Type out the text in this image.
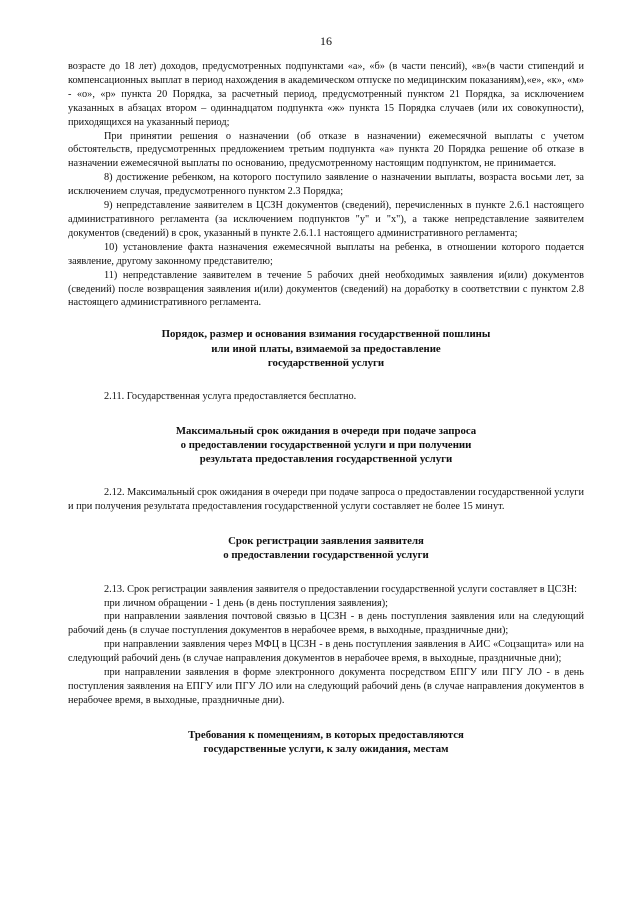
16

возрасте до 18 лет) доходов, предусмотренных подпунктами «а», «б» (в части пенсий), «в»(в части стипендий и компенсационных выплат в период нахождения в академическом отпуске по медицинским показаниям),«е», «к», «м» - «о», «р» пункта 20 Порядка, за расчетный период, предусмотренный пунктом 21 Порядка, за исключением указанных в абзацах втором – одиннадцатом подпункта «ж» пункта 15 Порядка случаев (или их совокупности), приходящихся на указанный период;

При принятии решения о назначении (об отказе в назначении) ежемесячной выплаты с учетом обстоятельств, предусмотренных предложением третьим подпункта «а» пункта 20 Порядка решение об отказе в назначении ежемесячной выплаты по основанию, предусмотренному настоящим подпунктом, не принимается.

8) достижение ребенком, на которого поступило заявление о назначении выплаты, возраста восьми лет, за исключением случая, предусмотренного пунктом 2.3 Порядка;

9) непредставление заявителем в ЦСЗН документов (сведений), перечисленных в пункте 2.6.1 настоящего административного регламента (за исключением подпунктов "у" и "х"), а также непредставление заявителем документов (сведений) в срок, указанный в пункте 2.6.1.1 настоящего административного регламента;

10) установление факта назначения ежемесячной выплаты на ребенка, в отношении которого подается заявление, другому законному представителю;

11) непредставление заявителем в течение 5 рабочих дней необходимых заявления и(или) документов (сведений) после возвращения заявления и(или) документов (сведений) на доработку в соответствии с пунктом 2.8 настоящего административного регламента.

Порядок, размер и основания взимания государственной пошлины
или иной платы, взимаемой за предоставление
государственной услуги

2.11. Государственная услуга предоставляется бесплатно.

Максимальный срок ожидания в очереди при подаче запроса
о предоставлении государственной услуги и при получении
результата предоставления государственной услуги

2.12. Максимальный срок ожидания в очереди при подаче запроса о предоставлении государственной услуги и при получения результата предоставления государственной услуги составляет не более 15 минут.

Срок регистрации заявления заявителя
о предоставлении государственной услуги

2.13. Срок регистрации заявления заявителя о предоставлении государственной услуги составляет в ЦСЗН:

при личном обращении - 1 день (в день поступления заявления);

при направлении заявления почтовой связью в ЦСЗН - в день поступления заявления или на следующий рабочий день (в случае поступления документов в нерабочее время, в выходные, праздничные дни);

при направлении заявления через МФЦ в ЦСЗН - в день поступления заявления в АИС «Соцзащита» или на следующий рабочий день (в случае направления документов в нерабочее время, в выходные, праздничные дни);

при направлении заявления в форме электронного документа посредством ЕПГУ или ПГУ ЛО - в день поступления заявления на ЕПГУ или ПГУ ЛО или на следующий рабочий день (в случае направления документов в нерабочее время, в выходные, праздничные дни).

Требования к помещениям, в которых предоставляются
государственные услуги, к залу ожидания, местам
